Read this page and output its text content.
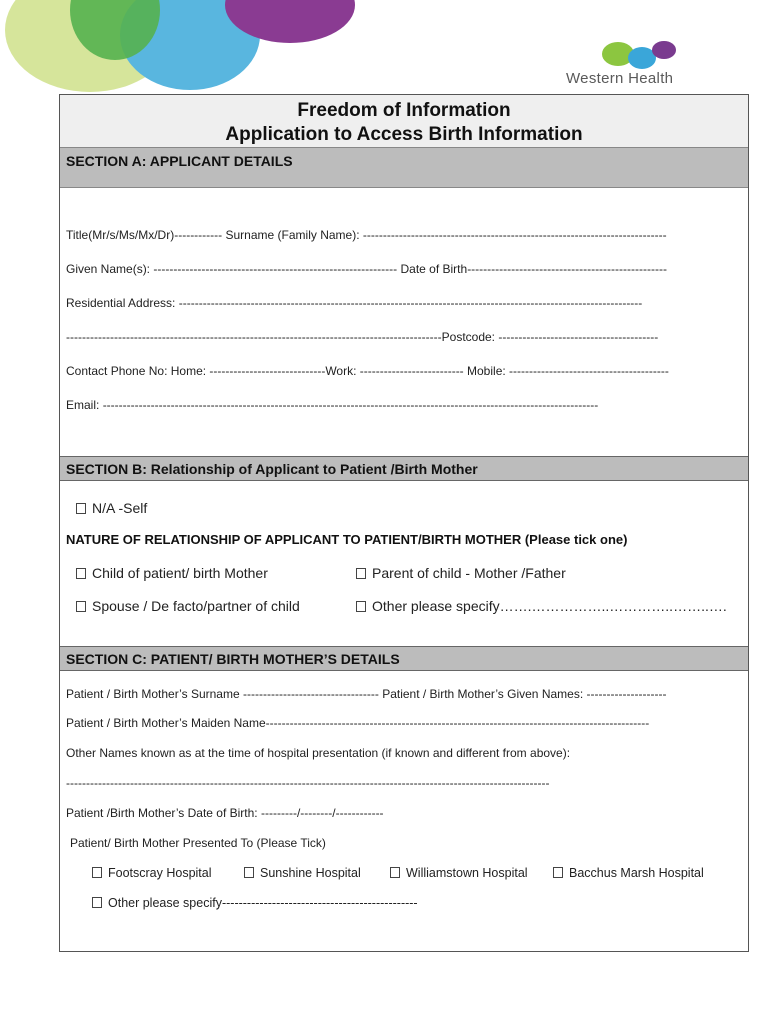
Western Health
Freedom of Information
Application to Access Birth Information
SECTION A: APPLICANT DETAILS
Title(Mr/s/Ms/Mx/Dr)------------ Surname (Family Name): ----------------------------------------------------------------------------
Given Name(s): ------------------------------------------------------------- Date of Birth--------------------------------------------------
Residential Address: --------------------------------------------------------------------------------------------------------------------
----------------------------------------------------------------------------------------------Postcode: ----------------------------------------
Contact Phone No: Home: -----------------------------Work: -------------------------- Mobile: ----------------------------------------
Email: ----------------------------------------------------------------------------------------------------------------------------
SECTION B: Relationship of Applicant to Patient /Birth Mother
N/A -Self
NATURE OF RELATIONSHIP OF APPLICANT TO PATIENT/BIRTH MOTHER (Please tick one)
Child of patient/ birth Mother	Parent of child - Mother /Father
Spouse / De facto/partner of child	Other please specify…….……………..…………..……..….
SECTION C: PATIENT/ BIRTH MOTHER’S DETAILS
Patient / Birth Mother’s Surname ---------------------------------- Patient / Birth Mother’s Given Names: --------------------
Patient / Birth Mother’s Maiden Name------------------------------------------------------------------------------------------------
Other Names known as at the time of hospital presentation (if known and different from above):
-------------------------------------------------------------------------------------------------------------------------
Patient /Birth Mother’s Date of Birth: ---------/--------/------------
Patient/ Birth Mother Presented To (Please Tick)
Footscray Hospital	Sunshine Hospital	Williamstown Hospital	Bacchus Marsh Hospital
Other please specify-----------------------------------------------
